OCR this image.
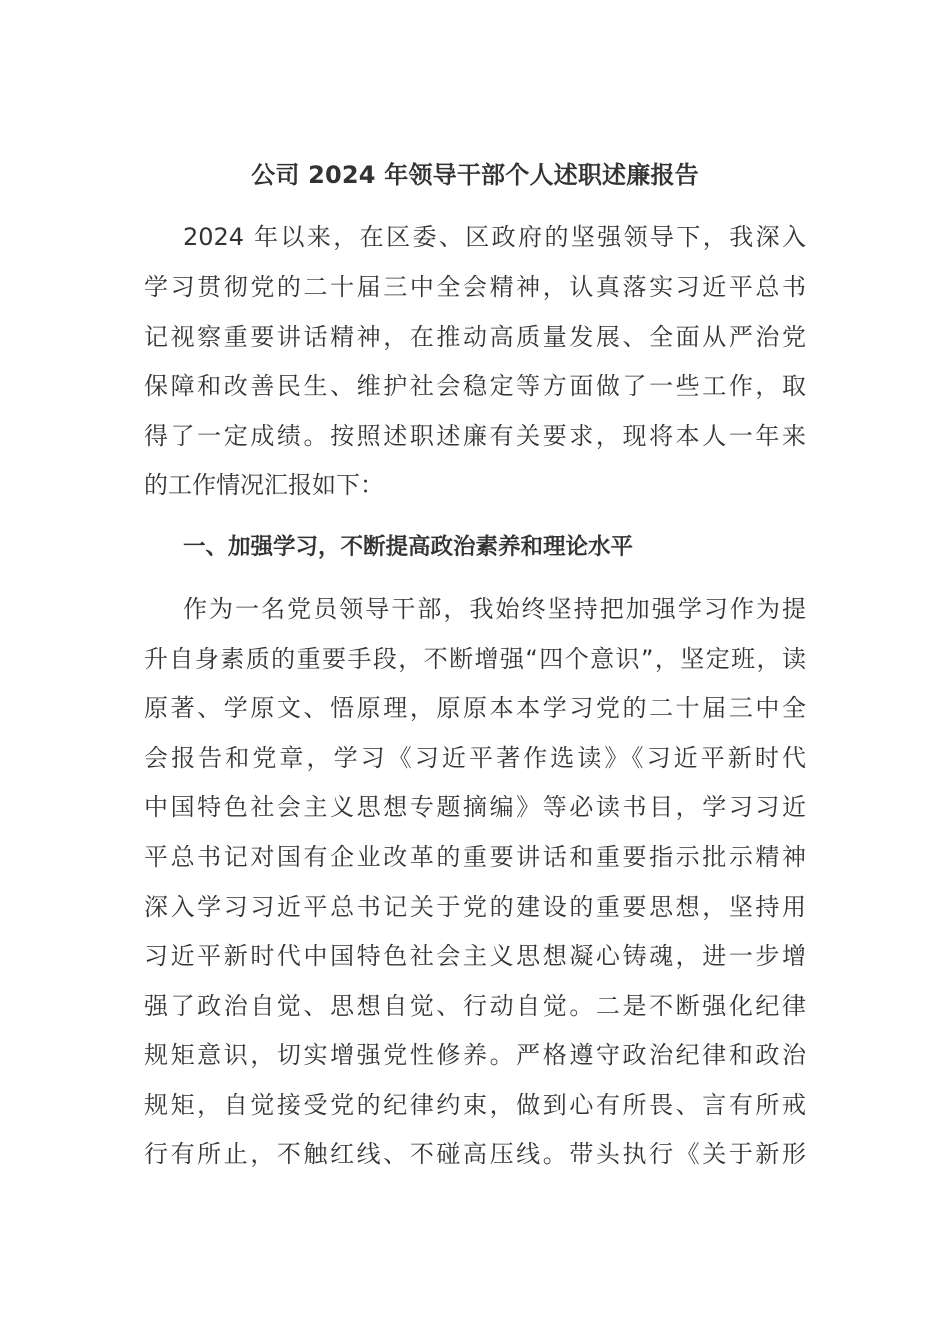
公司 2024 年领导干部个人述职述廉报告
2024 年以来，在区委、区政府的坚强领导下，我深入
学习贯彻党的二十届三中全会精神，认真落实习近平总书
记视察重要讲话精神，在推动高质量发展、全面从严治党
保障和改善民生、维护社会稳定等方面做了一些工作，取
得了一定成绩。按照述职述廉有关要求，现将本人一年来
的工作情况汇报如下：
一、加强学习，不断提高政治素养和理论水平
作为一名党员领导干部，我始终坚持把加强学习作为提
升自身素质的重要手段，不断增强“四个意识”，坚定班，读
原著、学原文、悟原理，原原本本学习党的二十届三中全
会报告和党章，学习《习近平著作选读》《习近平新时代
中国特色社会主义思想专题摘编》等必读书目，学习习近
平总书记对国有企业改革的重要讲话和重要指示批示精神
深入学习习近平总书记关于党的建设的重要思想，坚持用
习近平新时代中国特色社会主义思想凝心铸魂，进一步增
强了政治自觉、思想自觉、行动自觉。二是不断强化纪律
规矩意识，切实增强党性修养。严格遵守政治纪律和政治
规矩，自觉接受党的纪律约束，做到心有所畏、言有所戒
行有所止，不触红线、不碰高压线。带头执行《关于新形
